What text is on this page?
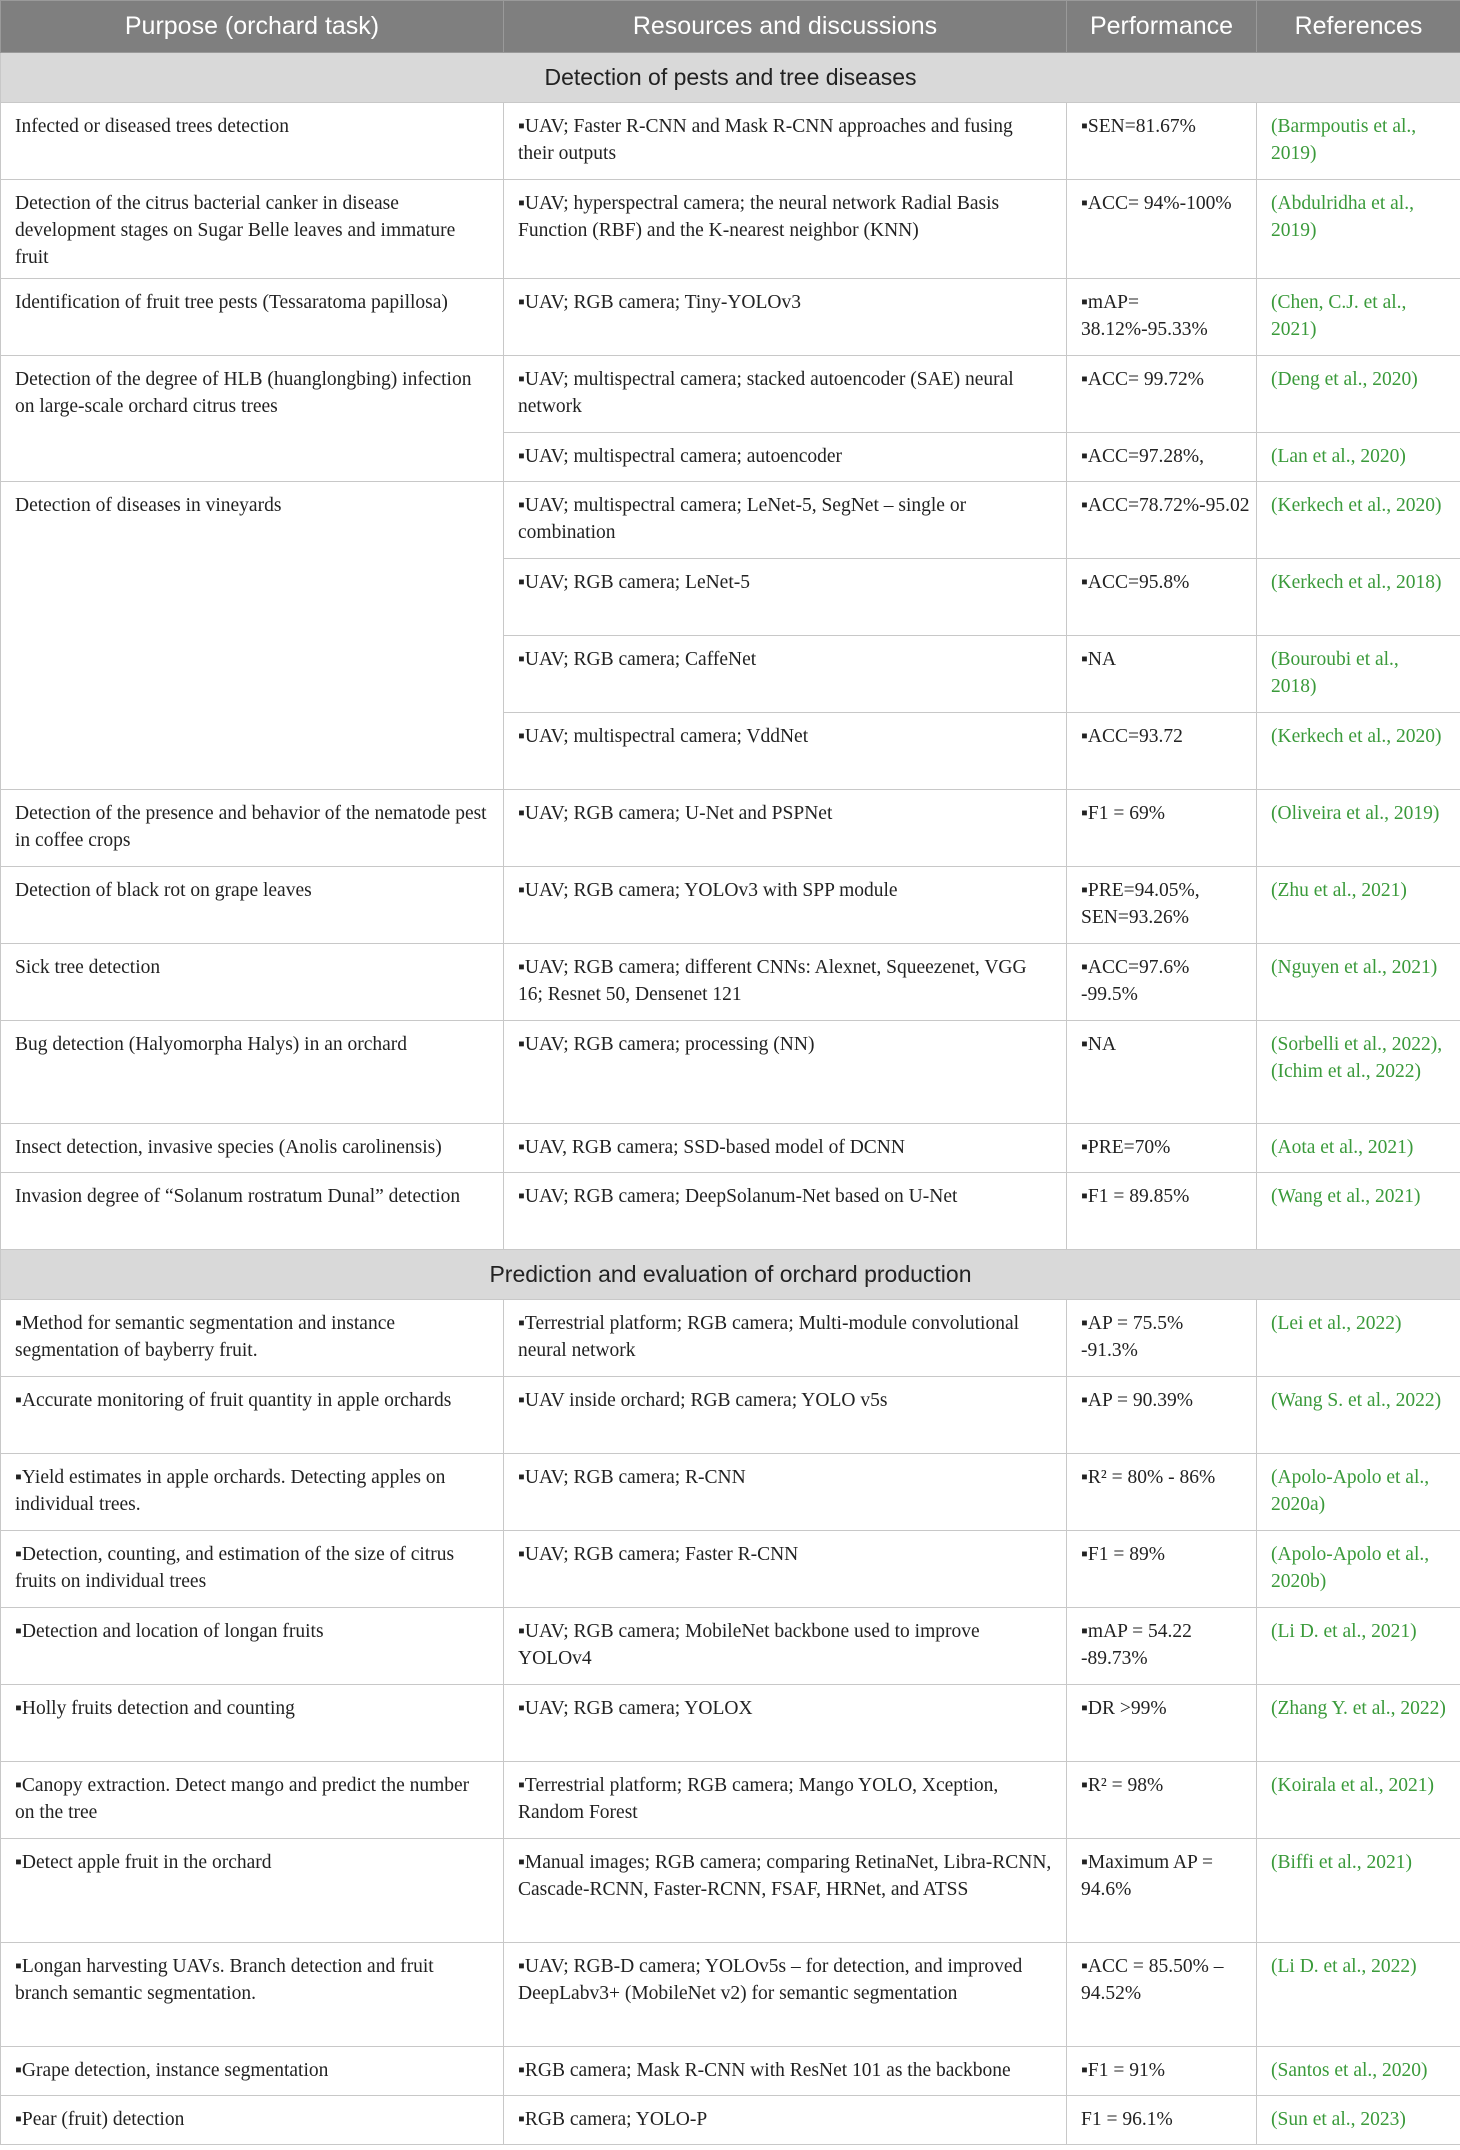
Purpose (orchard task)	Resources and discussions	Performance	References
Detection of pests and tree diseases			
Infected or diseased trees detection	▪UAV; Faster R-CNN and Mask R-CNN approaches and fusing their outputs	▪SEN=81.67%	(Barmpoutis et al., 2019)

Detection of the citrus bacterial canker in disease development stages on Sugar Belle leaves and immature fruit	▪UAV; hyperspectral camera; the neural network Radial Basis Function (RBF) and the K-nearest neighbor (KNN)	▪ACC= 94%-100%	(Abdulridha et al., 2019)

Identification of fruit tree pests (Tessaratoma papillosa)	▪UAV; RGB camera; Tiny-YOLOv3	▪mAP= 38.12%-95.33%	(Chen, C.J. et al., 2021)

Detection of the degree of HLB (huanglongbing) infection on large-scale orchard citrus trees	▪UAV; multispectral camera; stacked autoencoder (SAE) neural network	▪ACC= 99.72%	(Deng et al., 2020)

	▪UAV; multispectral camera; autoencoder	▪ACC=97.28%,	(Lan et al., 2020)

Detection of diseases in vineyards	▪UAV; multispectral camera; LeNet-5, SegNet – single or combination	▪ACC=78.72%-95.02	(Kerkech et al., 2020)

	▪UAV; RGB camera; LeNet-5	▪ACC=95.8%	(Kerkech et al., 2018)

	▪UAV; RGB camera; CaffeNet	▪NA	(Bouroubi et al., 2018)

	▪UAV; multispectral camera; VddNet	▪ACC=93.72	(Kerkech et al., 2020)

Detection of the presence and behavior of the nematode pest in coffee crops	▪UAV; RGB camera; U-Net and PSPNet	▪F1 = 69%	(Oliveira et al., 2019)

Detection of black rot on grape leaves	▪UAV; RGB camera; YOLOv3 with SPP module	▪PRE=94.05%, SEN=93.26%	(Zhu et al., 2021)

Sick tree detection	▪UAV; RGB camera; different CNNs: Alexnet, Squeezenet, VGG 16; Resnet 50, Densenet 121	▪ACC=97.6% -99.5%	(Nguyen et al., 2021)

Bug detection (Halyomorpha Halys) in an orchard	▪UAV; RGB camera; processing (NN)	▪NA	(Sorbelli et al., 2022), (Ichim et al., 2022)

Insect detection, invasive species (Anolis carolinensis)	▪UAV, RGB camera; SSD-based model of DCNN	▪PRE=70%	(Aota et al., 2021)

Invasion degree of “Solanum rostratum Dunal” detection	▪UAV; RGB camera; DeepSolanum-Net based on U-Net	▪F1 = 89.85%	(Wang et al., 2021)

Prediction and evaluation of orchard production			
▪Method for semantic segmentation and instance segmentation of bayberry fruit.	▪Terrestrial platform; RGB camera; Multi-module convolutional neural network	▪AP = 75.5% -91.3%	(Lei et al., 2022)

▪Accurate monitoring of fruit quantity in apple orchards	▪UAV inside orchard; RGB camera; YOLO v5s	▪AP = 90.39%	(Wang S. et al., 2022)

▪Yield estimates in apple orchards. Detecting apples on individual trees.	▪UAV; RGB camera; R-CNN	▪R² = 80% - 86%	(Apolo-Apolo et al., 2020a)

▪Detection, counting, and estimation of the size of citrus fruits on individual trees	▪UAV; RGB camera; Faster R-CNN	▪F1 = 89%	(Apolo-Apolo et al., 2020b)

▪Detection and location of longan fruits	▪UAV; RGB camera; MobileNet backbone used to improve YOLOv4	▪mAP = 54.22 -89.73%	(Li D. et al., 2021)

▪Holly fruits detection and counting	▪UAV; RGB camera; YOLOX	▪DR >99%	(Zhang Y. et al., 2022)

▪Canopy extraction. Detect mango and predict the number on the tree	▪Terrestrial platform; RGB camera; Mango YOLO, Xception, Random Forest	▪R² = 98%	(Koirala et al., 2021)

▪Detect apple fruit in the orchard	▪Manual images; RGB camera; comparing RetinaNet, Libra-RCNN, Cascade-RCNN, Faster-RCNN, FSAF, HRNet, and ATSS	▪Maximum AP = 94.6%	(Biffi et al., 2021)

▪Longan harvesting UAVs. Branch detection and fruit branch semantic segmentation.	▪UAV; RGB-D camera; YOLOv5s – for detection, and improved DeepLabv3+ (MobileNet v2) for semantic segmentation	▪ACC = 85.50% – 94.52%	(Li D. et al., 2022)

▪Grape detection, instance segmentation	▪RGB camera; Mask R-CNN with ResNet 101 as the backbone	▪F1 = 91%	(Santos et al., 2020)

▪Pear (fruit) detection	▪RGB camera; YOLO-P	F1 = 96.1%	(Sun et al., 2023)
